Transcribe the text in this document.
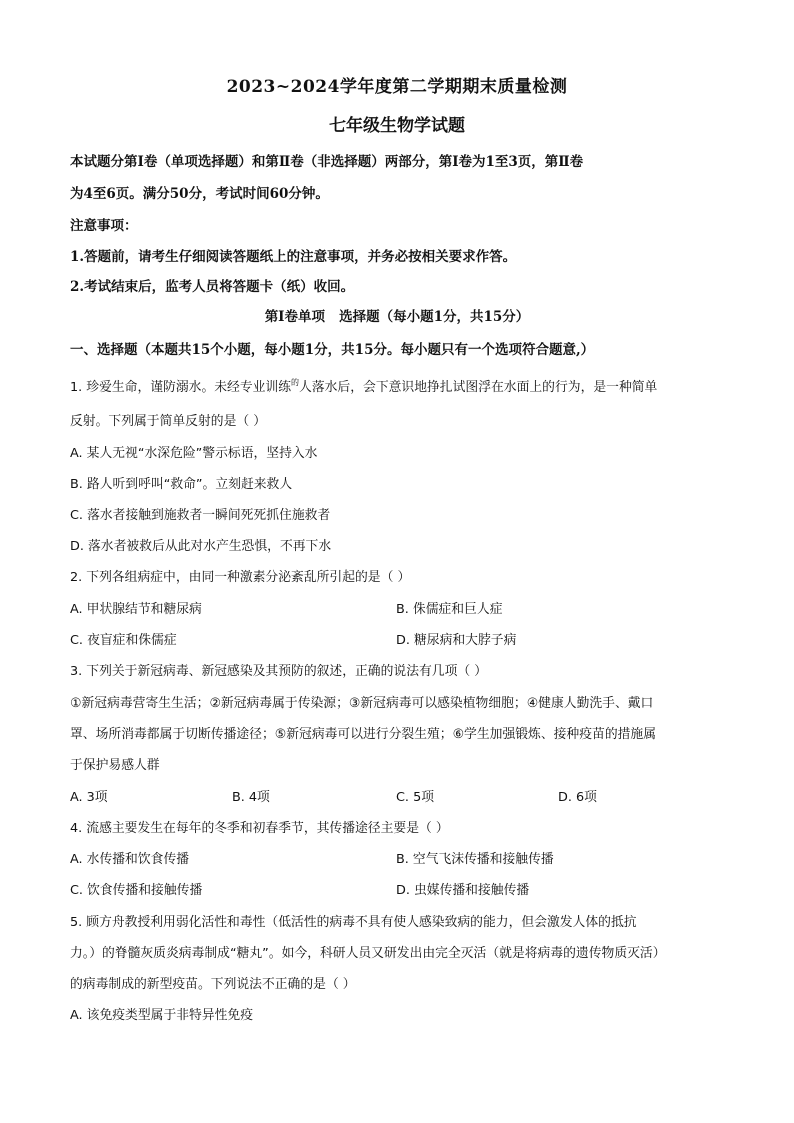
2023~2024学年度第二学期期末质量检测
七年级生物学试题
本试题分第Ⅰ卷（单项选择题）和第Ⅱ卷（非选择题）两部分，第Ⅰ卷为1至3页，第Ⅱ卷
为4至6页。满分50分，考试时间60分钟。
注意事项：
1.答题前，请考生仔细阅读答题纸上的注意事项，并务必按相关要求作答。
2.考试结束后，监考人员将答题卡（纸）收回。
第Ⅰ卷单项   选择题（每小题1分，共15分）
一、选择题（本题共15个小题，每小题1分，共15分。每小题只有一个选项符合题意,）
1. 珍爱生命，谨防溺水。未经专业训练$^的$人落水后，会下意识地挣扎试图浮在水面上的行为，是一种简单
反射。下列属于简单反射的是（ ）
A. 某人无视“水深危险”警示标语，坚持入水
B. 路人听到呼叫“救命”。立刻赶来救人
C. 落水者接触到施救者一瞬间死死抓住施救者
D. 落水者被救后从此对水产生恐惧，不再下水
2. 下列各组病症中，由同一种激素分泌紊乱所引起的是（ ）
A. 甲状腺结节和糖尿病	B. 侏儒症和巨人症
C. 夜盲症和侏儒症	D. 糖尿病和大脖子病
3. 下列关于新冠病毒、新冠感染及其预防的叙述，正确的说法有几项（ ）
①新冠病毒营寄生生活；②新冠病毒属于传染源；③新冠病毒可以感染植物细胞；④健康人勤洗手、戴口
罩、场所消毒都属于切断传播途径；⑤新冠病毒可以进行分裂生殖；⑥学生加强锻炼、接种疫苗的措施属
于保护易感人群
A. 3项	B. 4项	C. 5项	D. 6项
4. 流感主要发生在每年的冬季和初春季节，其传播途径主要是（ ）
A. 水传播和饮食传播	B. 空气飞沫传播和接触传播
C. 饮食传播和接触传播	D. 虫媒传播和接触传播
5. 顾方舟教授利用弱化活性和毒性（低活性的病毒不具有使人感染致病的能力，但会激发人体的抵抗
力。）的脊髓灰质炎病毒制成“糖丸”。如今，科研人员又研发出由完全灭活（就是将病毒的遗传物质灭活）
的病毒制成的新型疫苗。下列说法不正确的是（ ）
A. 该免疫类型属于非特异性免疫
